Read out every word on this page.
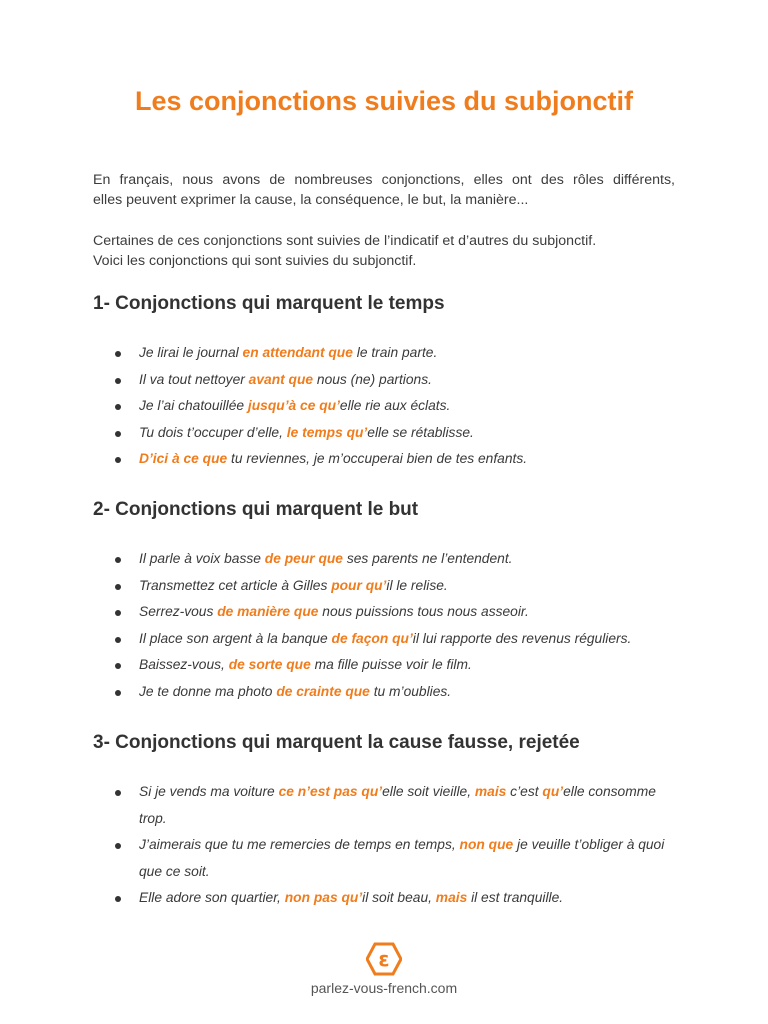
Les conjonctions suivies du subjonctif

En français, nous avons de nombreuses conjonctions, elles ont des rôles différents,
elles peuvent exprimer la cause, la conséquence, le but, la manière...

Certaines de ces conjonctions sont suivies de l’indicatif et d’autres du subjonctif.
Voici les conjonctions qui sont suivies du subjonctif.

1- Conjonctions qui marquent le temps
Je lirai le journal en attendant que le train parte.
Il va tout nettoyer avant que nous (ne) partions.
Je l’ai chatouillée jusqu’à ce qu’elle rie aux éclats.
Tu dois t’occuper d’elle, le temps qu’elle se rétablisse.
D’ici à ce que tu reviennes, je m’occuperai bien de tes enfants.
2- Conjonctions qui marquent le but
Il parle à voix basse de peur que ses parents ne l’entendent.
Transmettez cet article à Gilles pour qu’il le relise.
Serrez-vous de manière que nous puissions tous nous asseoir.
Il place son argent à la banque de façon qu’il lui rapporte des revenus réguliers.
Baissez-vous, de sorte que ma fille puisse voir le film.
Je te donne ma photo de crainte que tu m’oublies.
3- Conjonctions qui marquent la cause fausse, rejetée
Si je vends ma voiture ce n’est pas qu’elle soit vieille, mais c’est qu’elle consomme trop.
J’aimerais que tu me remercies de temps en temps, non que je veuille t’obliger à quoi que ce soit.
Elle adore son quartier, non pas qu’il soit beau, mais il est tranquille.
ε
parlez-vous-french.com
